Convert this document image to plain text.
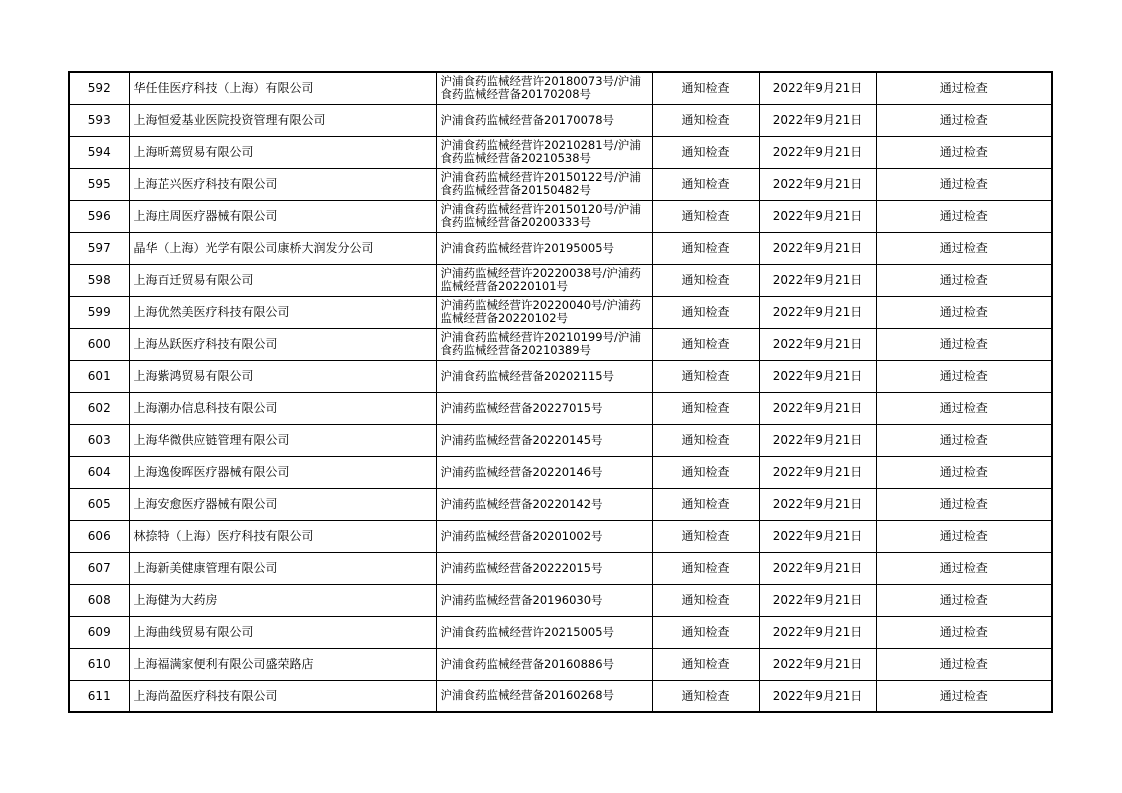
592	华任佳医疗科技（上海）有限公司	沪浦食药监械经营许20180073号/沪浦食药监械经营备20170208号	通知检查	2022年9月21日	通过检查
593	上海恒爱基业医院投资管理有限公司	沪浦食药监械经营备20170078号	通知检查	2022年9月21日	通过检查
594	上海昕蔫贸易有限公司	沪浦食药监械经营许20210281号/沪浦食药监械经营备20210538号	通知检查	2022年9月21日	通过检查
595	上海芷兴医疗科技有限公司	沪浦食药监械经营许20150122号/沪浦食药监械经营备20150482号	通知检查	2022年9月21日	通过检查
596	上海庄周医疗器械有限公司	沪浦食药监械经营许20150120号/沪浦食药监械经营备20200333号	通知检查	2022年9月21日	通过检查
597	晶华（上海）光学有限公司康桥大润发分公司	沪浦食药监械经营许20195005号	通知检查	2022年9月21日	通过检查
598	上海百迁贸易有限公司	沪浦药监械经营许20220038号/沪浦药监械经营备20220101号	通知检查	2022年9月21日	通过检查
599	上海优然美医疗科技有限公司	沪浦药监械经营许20220040号/沪浦药监械经营备20220102号	通知检查	2022年9月21日	通过检查
600	上海丛跃医疗科技有限公司	沪浦食药监械经营许20210199号/沪浦食药监械经营备20210389号	通知检查	2022年9月21日	通过检查
601	上海紫鸿贸易有限公司	沪浦食药监械经营备20202115号	通知检查	2022年9月21日	通过检查
602	上海潮办信息科技有限公司	沪浦药监械经营备20227015号	通知检查	2022年9月21日	通过检查
603	上海华微供应链管理有限公司	沪浦药监械经营备20220145号	通知检查	2022年9月21日	通过检查
604	上海逸俊晖医疗器械有限公司	沪浦药监械经营备20220146号	通知检查	2022年9月21日	通过检查
605	上海安愈医疗器械有限公司	沪浦药监械经营备20220142号	通知检查	2022年9月21日	通过检查
606	林捺特（上海）医疗科技有限公司	沪浦药监械经营备20201002号	通知检查	2022年9月21日	通过检查
607	上海新美健康管理有限公司	沪浦药监械经营备20222015号	通知检查	2022年9月21日	通过检查
608	上海健为大药房	沪浦药监械经营备20196030号	通知检查	2022年9月21日	通过检查
609	上海曲线贸易有限公司	沪浦食药监械经营许20215005号	通知检查	2022年9月21日	通过检查
610	上海福满家便利有限公司盛荣路店	沪浦食药监械经营备20160886号	通知检查	2022年9月21日	通过检查
611	上海尚盈医疗科技有限公司	沪浦食药监械经营备20160268号	通知检查	2022年9月21日	通过检查
